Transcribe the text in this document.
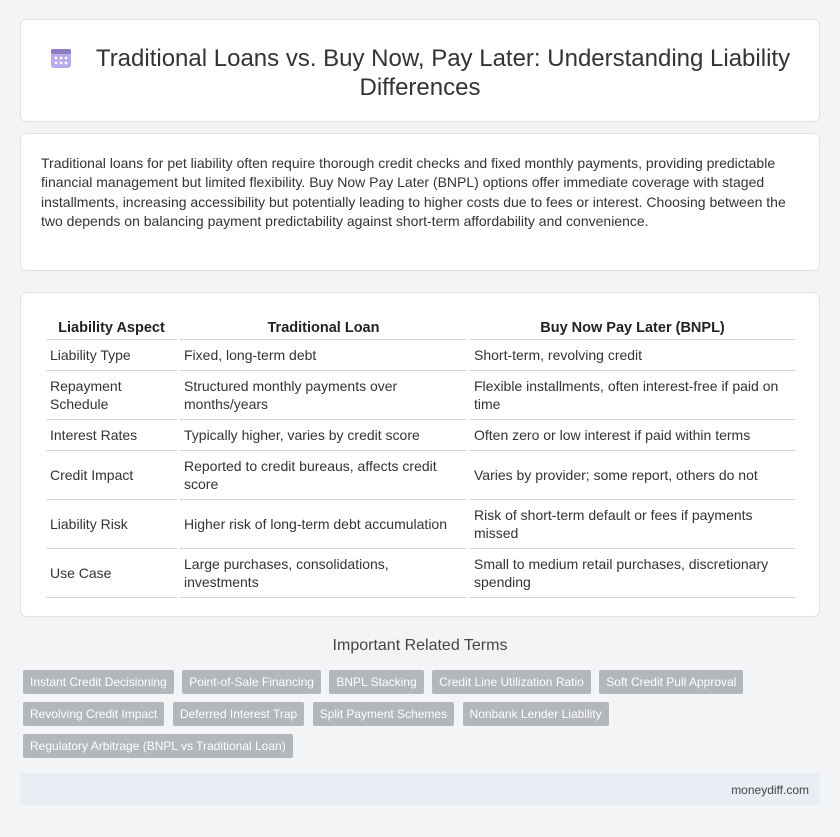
Traditional Loans vs. Buy Now, Pay Later: Understanding Liability Differences

Traditional loans for pet liability often require thorough credit checks and fixed monthly payments, providing predictable financial management but limited flexibility. Buy Now Pay Later (BNPL) options offer immediate coverage with staged installments, increasing accessibility but potentially leading to higher costs due to fees or interest. Choosing between the two depends on balancing payment predictability against short-term affordability and convenience.

Liability Aspect	Traditional Loan	Buy Now Pay Later (BNPL)
Liability Type	Fixed, long-term debt	Short-term, revolving credit
Repayment Schedule	Structured monthly payments over months/years	Flexible installments, often interest-free if paid on time
Interest Rates	Typically higher, varies by credit score	Often zero or low interest if paid within terms
Credit Impact	Reported to credit bureaus, affects credit score	Varies by provider; some report, others do not
Liability Risk	Higher risk of long-term debt accumulation	Risk of short-term default or fees if payments missed
Use Case	Large purchases, consolidations, investments	Small to medium retail purchases, discretionary spending
Important Related Terms
Instant Credit Decisioning Point-of-Sale Financing BNPL Stacking Credit Line Utilization Ratio Soft Credit Pull Approval Revolving Credit Impact Deferred Interest Trap Split Payment Schemes Nonbank Lender Liability Regulatory Arbitrage (BNPL vs Traditional Loan)
moneydiff.com
